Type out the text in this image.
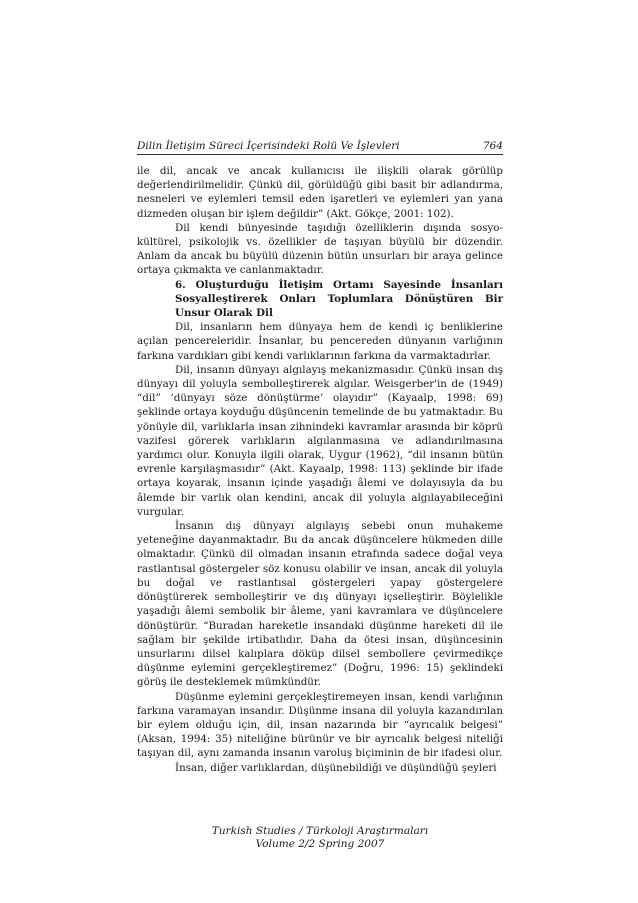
Dilin İletişim Süreci İçerisindeki Rolü Ve İşlevleri	764

ile dil, ancak ve ancak kullanıcısı ile ilişkili olarak görülüp değerlendirilmelidir. Çünkü dil, görüldüğü gibi basit bir adlandırma, nesneleri ve eylemleri temsil eden işaretleri ve eylemleri yan yana dizmeden oluşan bir işlem değildir” (Akt. Gökçe, 2001: 102).

Dil kendi bünyesinde taşıdığı özelliklerin dışında sosyo-kültürel, psikolojik vs. özellikler de taşıyan büyülü bir düzendir. Anlam da ancak bu büyülü düzenin bütün unsurları bir araya gelince ortaya çıkmakta ve canlanmaktadır.

6. Oluşturduğu İletişim Ortamı Sayesinde İnsanları Sosyalleştirerek Onları Toplumlara Dönüştüren Bir Unsur Olarak Dil

Dil, insanların hem dünyaya hem de kendi iç benliklerine açılan pencereleridir. İnsanlar, bu pencereden dünyanın varlığının farkına vardıkları gibi kendi varlıklarının farkına da varmaktadırlar.

Dil, insanın dünyayı algılayış mekanizmasıdır. Çünkü insan dış dünyayı dil yoluyla sembolleştirerek algılar. Weisgerber'in de (1949) “dil” ‘dünyayı söze dönüştürme’ olayıdır” (Kayaalp, 1998: 69) şeklinde ortaya koyduğu düşüncenin temelinde de bu yatmaktadır. Bu yönüyle dil, varlıklarla insan zihnindeki kavramlar arasında bir köprü vazifesi görerek varlıkların algılanmasına ve adlandırılmasına yardımcı olur. Konuyla ilgili olarak, Uygur (1962), “dil insanın bütün evrenle karşılaşmasıdır” (Akt. Kayaalp, 1998: 113) şeklinde bir ifade ortaya koyarak, insanın içinde yaşadığı âlemi ve dolayısıyla da bu âlemde bir varlık olan kendini, ancak dil yoluyla algılayabileceğini vurgular.

İnsanın dış dünyayı algılayış sebebi onun muhakeme yeteneğine dayanmaktadır. Bu da ancak düşüncelere hükmeden dille olmaktadır. Çünkü dil olmadan insanın etrafında sadece doğal veya rastlantısal göstergeler söz konusu olabilir ve insan, ancak dil yoluyla bu doğal ve rastlantısal göstergeleri yapay göstergelere dönüştürerek sembolleştirir ve dış dünyayı içselleştirir. Böylelikle yaşadığı âlemi sembolik bir âleme, yani kavramlara ve düşüncelere dönüştürür. “Buradan hareketle insandaki düşünme hareketi dil ile sağlam bir şekilde irtibatlıdır. Daha da ötesi insan, düşüncesinin unsurlarını dilsel kalıplara döküp dilsel sembollere çevirmedikçe düşünme eylemini gerçekleştiremez” (Doğru, 1996: 15) şeklindeki görüş ile desteklemek mümkündür.

Düşünme eylemini gerçekleştiremeyen insan, kendi varlığının farkına varamayan insandır. Düşünme insana dil yoluyla kazandırılan bir eylem olduğu için, dil, insan nazarında bir “ayrıcalık belgesi” (Aksan, 1994: 35) niteliğine bürünür ve bir ayrıcalık belgesi niteliği taşıyan dil, aynı zamanda insanın varoluş biçiminin de bir ifadesi olur.

İnsan, diğer varlıklardan, düşünebildiği ve düşündüğü şeyleri

Turkish Studies / Türkoloji Araştırmaları
Volume 2/2 Spring 2007
